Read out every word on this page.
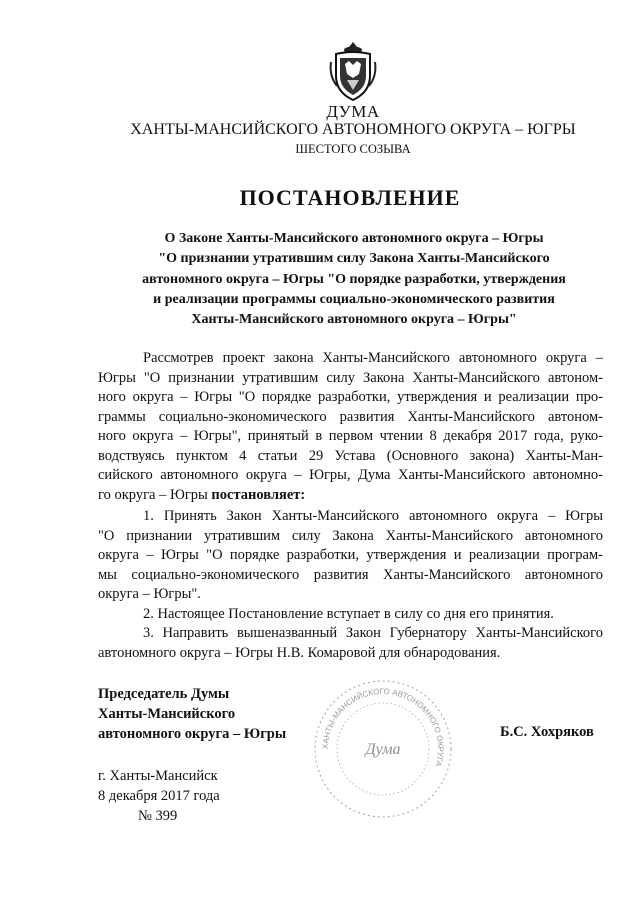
ДУМА
ХАНТЫ-МАНСИЙСКОГО АВТОНОМНОГО ОКРУГА – ЮГРЫ
ШЕСТОГО СОЗЫВА
ПОСТАНОВЛЕНИЕ
О Законе Ханты-Мансийского автономного округа – Югры
"О признании утратившим силу Закона Ханты-Мансийского
автономного округа – Югры "О порядке разработки, утверждения
и реализации программы социально-экономического развития
Ханты-Мансийского автономного округа – Югры"
Рассмотрев проект закона Ханты-Мансийского автономного округа –
Югры "О признании утратившим силу Закона Ханты-Мансийского автоном-
ного округа – Югры "О порядке разработки, утверждения и реализации про-
граммы социально-экономического развития Ханты-Мансийского автоном-
ного округа – Югры", принятый в первом чтении 8 декабря 2017 года, руко-
водствуясь пунктом 4 статьи 29 Устава (Основного закона) Ханты-Ман-
сийского автономного округа – Югры, Дума Ханты-Мансийского автономно-
го округа – Югры постановляет:
1. Принять Закон Ханты-Мансийского автономного округа – Югры
"О признании утратившим силу Закона Ханты-Мансийского автономного
округа – Югры "О порядке разработки, утверждения и реализации програм-
мы социально-экономического развития Ханты-Мансийского автономного
округа – Югры".
2. Настоящее Постановление вступает в силу со дня его принятия.
3. Направить вышеназванный Закон Губернатору Ханты-Мансийского
автономного округа – Югры Н.В. Комаровой для обнародования.
Председатель Думы
Ханты-Мансийского
автономного округа – Югры
ХАНТЫ-МАНСИЙСКОГО АВТОНОМНОГО ОКРУГА
Дума
Б.С. Хохряков
г. Ханты-Мансийск
8 декабря 2017 года
№ 399
